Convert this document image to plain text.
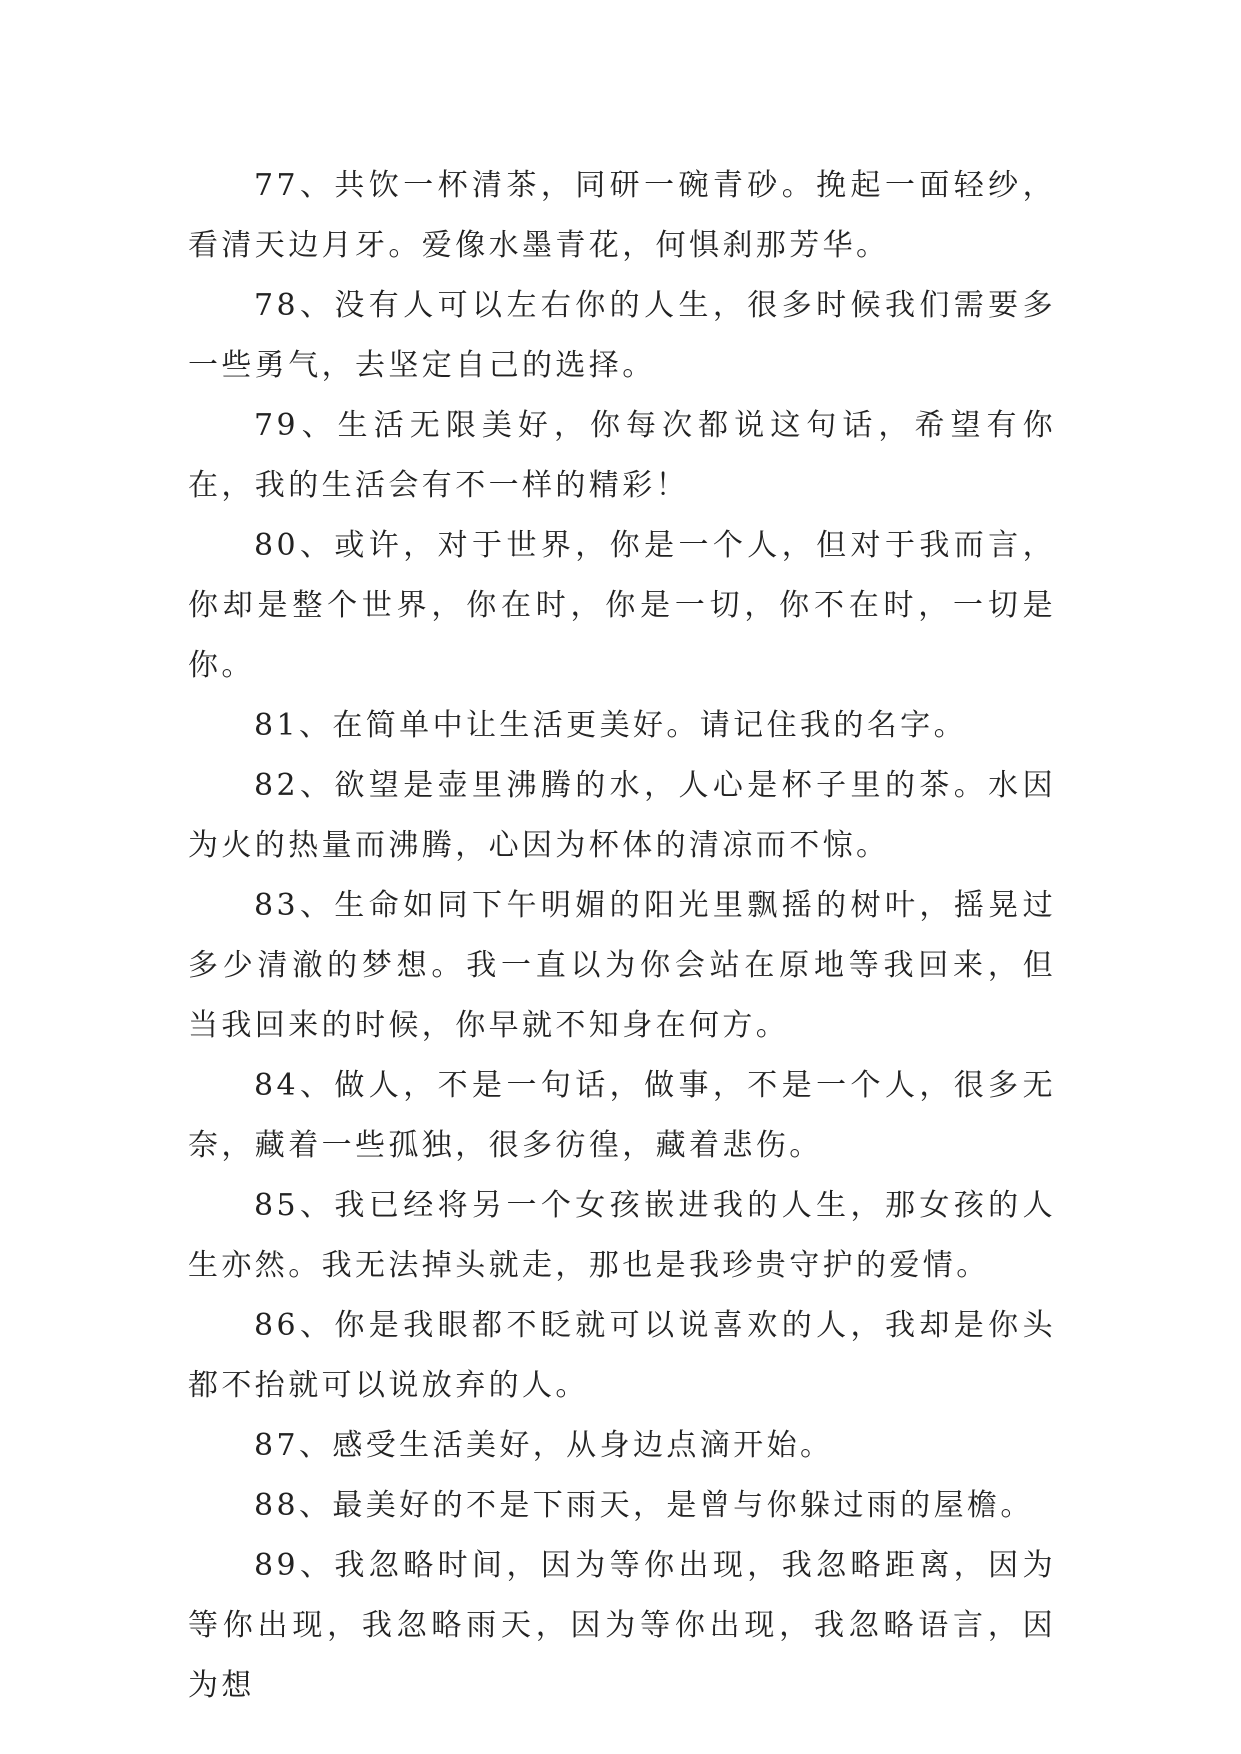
77、共饮一杯清茶，同研一碗青砂。挽起一面轻纱，看清天边月牙。爱像水墨青花，何惧刹那芳华。

78、没有人可以左右你的人生，很多时候我们需要多一些勇气，去坚定自己的选择。

79、生活无限美好，你每次都说这句话，希望有你在，我的生活会有不一样的精彩！

80、或许，对于世界，你是一个人，但对于我而言，你却是整个世界，你在时，你是一切，你不在时，一切是你。

81、在简单中让生活更美好。请记住我的名字。

82、欲望是壶里沸腾的水，人心是杯子里的茶。水因为火的热量而沸腾，心因为杯体的清凉而不惊。

83、生命如同下午明媚的阳光里飘摇的树叶，摇晃过多少清澈的梦想。我一直以为你会站在原地等我回来，但当我回来的时候，你早就不知身在何方。

84、做人，不是一句话，做事，不是一个人，很多无奈，藏着一些孤独，很多彷徨，藏着悲伤。

85、我已经将另一个女孩嵌进我的人生，那女孩的人生亦然。我无法掉头就走，那也是我珍贵守护的爱情。

86、你是我眼都不眨就可以说喜欢的人，我却是你头都不抬就可以说放弃的人。

87、感受生活美好，从身边点滴开始。

88、最美好的不是下雨天，是曾与你躲过雨的屋檐。

89、我忽略时间，因为等你出现，我忽略距离，因为等你出现，我忽略雨天，因为等你出现，我忽略语言，因为想
